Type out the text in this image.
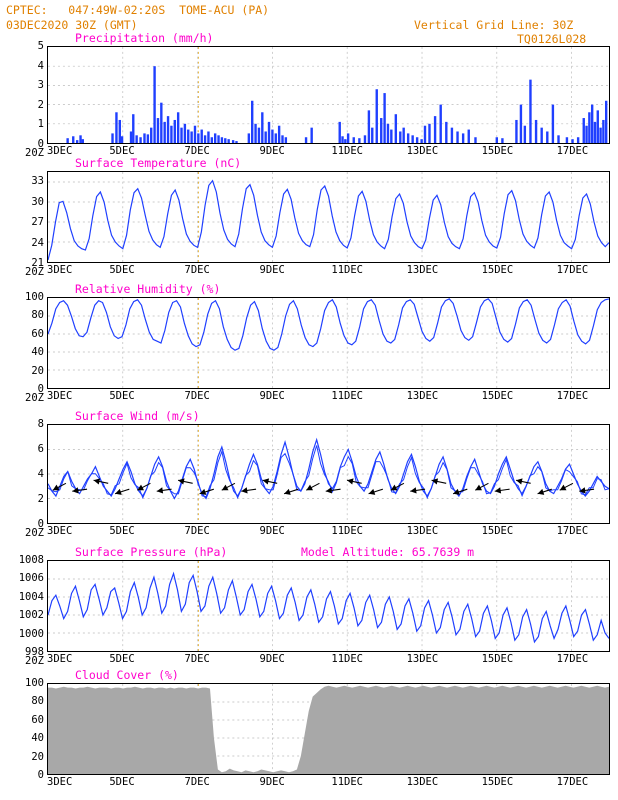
CPTEC:   047:49W-02:20S  TOME-ACU (PA)
03DEC2020 30Z (GMT)	Vertical Grid Line: 30Z
TQ0126L028
Precipitation (mm/h)
0
1
2
3
4
5
3DEC	5DEC	7DEC	9DEC	11DEC	13DEC	15DEC	17DEC
20Z
Surface Temperature (nC)
21
24
27
30
33
3DEC	5DEC	7DEC	9DEC	11DEC	13DEC	15DEC	17DEC
20Z
Relative Humidity (%)
0
20
40
60
80
100
3DEC	5DEC	7DEC	9DEC	11DEC	13DEC	15DEC	17DEC
20Z
Surface Wind (m/s)
0
2
4
6
8
3DEC	5DEC	7DEC	9DEC	11DEC	13DEC	15DEC	17DEC
20Z
Surface Pressure (hPa)	Model Altitude: 65.7639 m
998
1000
1002
1004
1006
1008
3DEC	5DEC	7DEC	9DEC	11DEC	13DEC	15DEC	17DEC
20Z
Cloud Cover (%)
0
20
40
60
80
100
3DEC	5DEC	7DEC	9DEC	11DEC	13DEC	15DEC	17DEC
